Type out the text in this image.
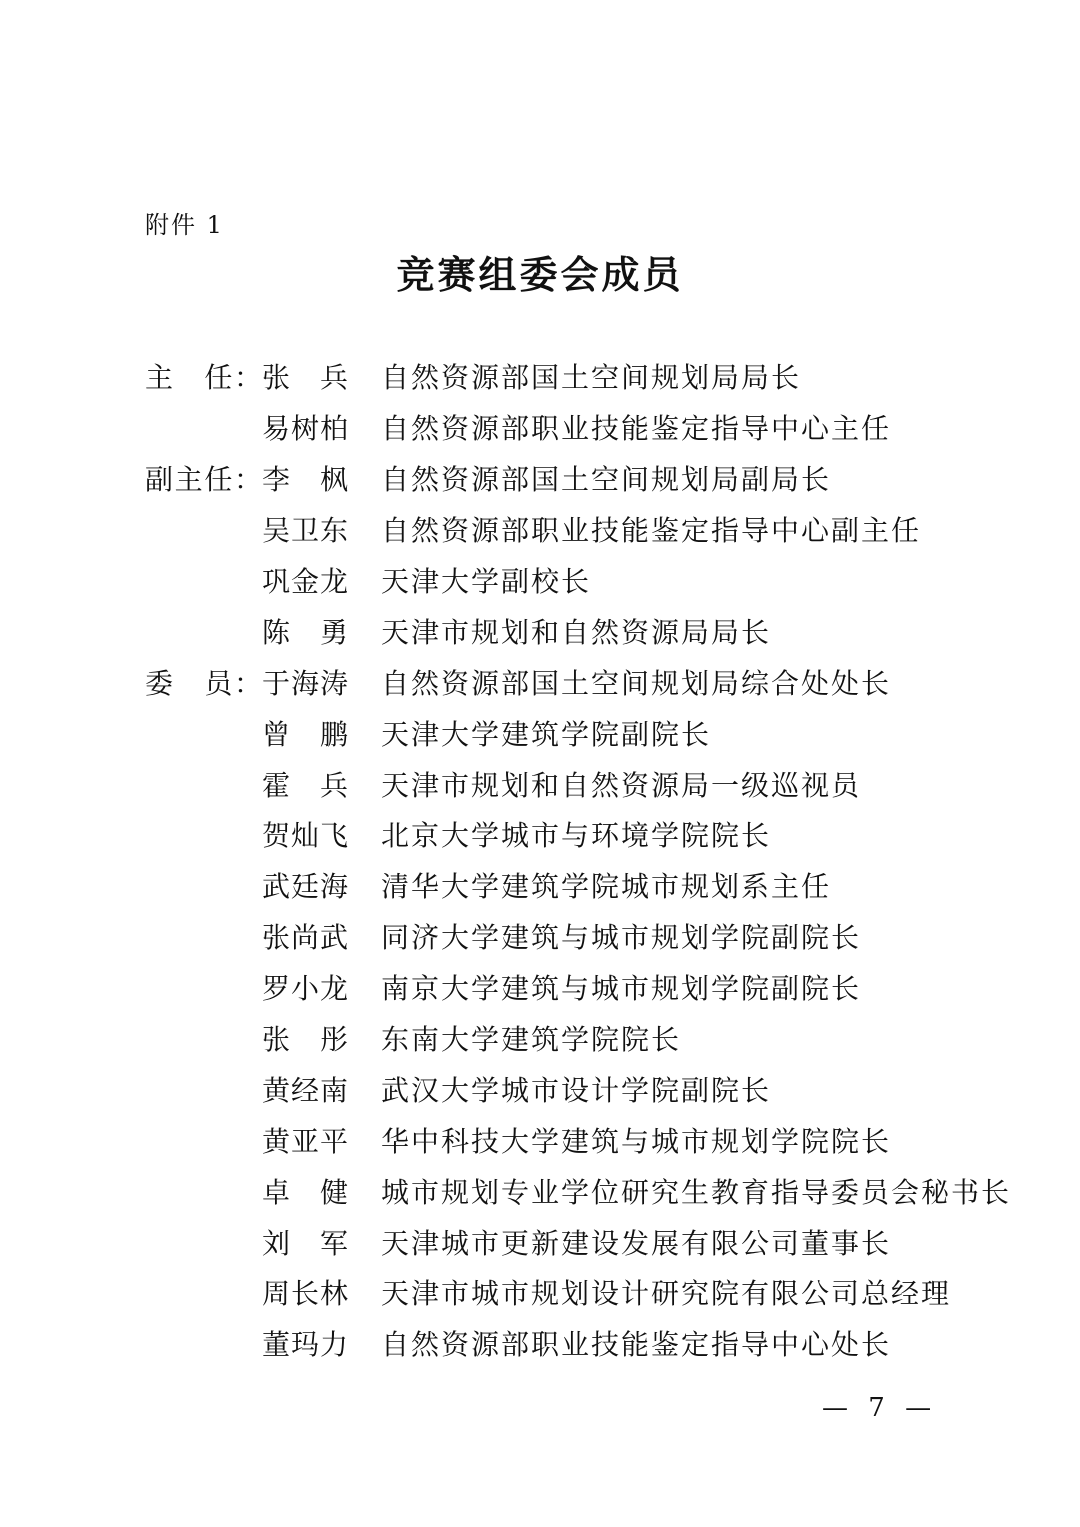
附件 1
竞赛组委会成员
主　任： 张　兵 自然资源部国土空间规划局局长
易树柏 自然资源部职业技能鉴定指导中心主任
副主任： 李　枫 自然资源部国土空间规划局副局长
吴卫东 自然资源部职业技能鉴定指导中心副主任
巩金龙 天津大学副校长
陈　勇 天津市规划和自然资源局局长
委　员： 于海涛 自然资源部国土空间规划局综合处处长
曾　鹏 天津大学建筑学院副院长
霍　兵 天津市规划和自然资源局一级巡视员
贺灿飞 北京大学城市与环境学院院长
武廷海 清华大学建筑学院城市规划系主任
张尚武 同济大学建筑与城市规划学院副院长
罗小龙 南京大学建筑与城市规划学院副院长
张　彤 东南大学建筑学院院长
黄经南 武汉大学城市设计学院副院长
黄亚平 华中科技大学建筑与城市规划学院院长
卓　健 城市规划专业学位研究生教育指导委员会秘书长
刘　军 天津城市更新建设发展有限公司董事长
周长林 天津市城市规划设计研究院有限公司总经理
董玛力 自然资源部职业技能鉴定指导中心处长
— 7 —
